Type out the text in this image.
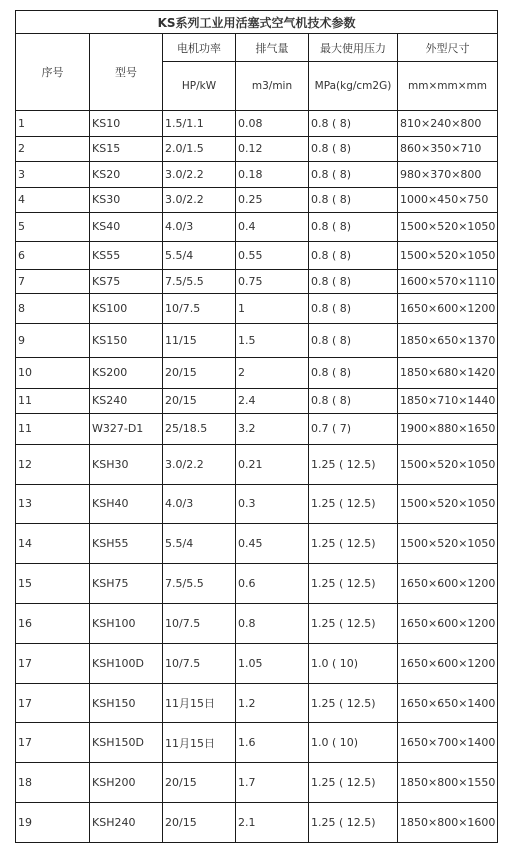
KS系列工业用活塞式空气机技术参数					
序号	型号	电机功率	排气量	最大使用压力	外型尺寸
		HP/kW	m3/min	MPa(kg/cm2G)	mm×mm×mm
1	KS10	1.5/1.1	0.08	0.8 ( 8)	810×240×800
2	KS15	2.0/1.5	0.12	0.8 ( 8)	860×350×710
3	KS20	3.0/2.2	0.18	0.8 ( 8)	980×370×800
4	KS30	3.0/2.2	0.25	0.8 ( 8)	1000×450×750
5	KS40	4.0/3	0.4	0.8 ( 8)	1500×520×1050
6	KS55	5.5/4	0.55	0.8 ( 8)	1500×520×1050
7	KS75	7.5/5.5	0.75	0.8 ( 8)	1600×570×1110
8	KS100	10/7.5	1	0.8 ( 8)	1650×600×1200
9	KS150	11/15	1.5	0.8 ( 8)	1850×650×1370
10	KS200	20/15	2	0.8 ( 8)	1850×680×1420
11	KS240	20/15	2.4	0.8 ( 8)	1850×710×1440
11	W327-D1	25/18.5	3.2	0.7 ( 7)	1900×880×1650
12	KSH30	3.0/2.2	0.21	1.25 ( 12.5)	1500×520×1050
13	KSH40	4.0/3	0.3	1.25 ( 12.5)	1500×520×1050
14	KSH55	5.5/4	0.45	1.25 ( 12.5)	1500×520×1050
15	KSH75	7.5/5.5	0.6	1.25 ( 12.5)	1650×600×1200
16	KSH100	10/7.5	0.8	1.25 ( 12.5)	1650×600×1200
17	KSH100D	10/7.5	1.05	1.0 ( 10)	1650×600×1200
17	KSH150	11月15日	1.2	1.25 ( 12.5)	1650×650×1400
17	KSH150D	11月15日	1.6	1.0 ( 10)	1650×700×1400
18	KSH200	20/15	1.7	1.25 ( 12.5)	1850×800×1550
19	KSH240	20/15	2.1	1.25 ( 12.5)	1850×800×1600
